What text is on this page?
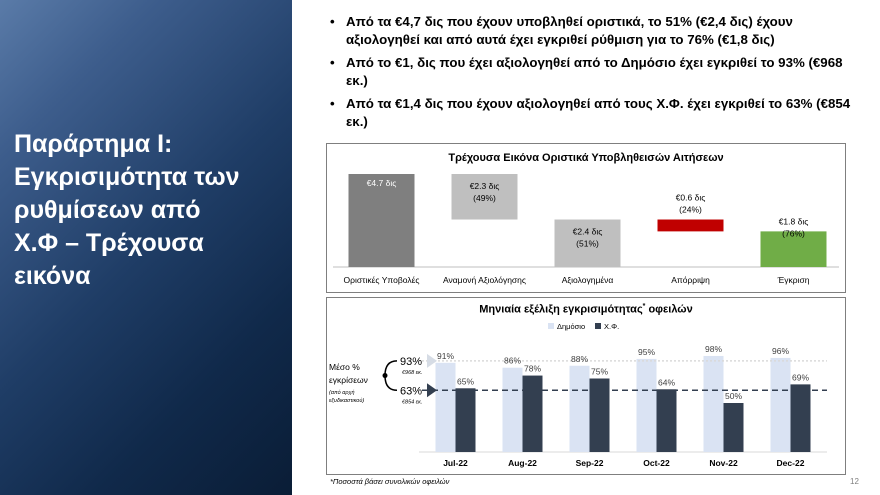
Παράρτημα Ι:
Εγκρισιμότητα των
ρυθμίσεων από
Χ.Φ – Τρέχουσα
εικόνα
• Από τα €4,7 δις που έχουν υποβληθεί οριστικά, το 51% (€2,4 δις) έχουν αξιολογηθεί και από αυτά έχει εγκριθεί ρύθμιση για το 76% (€1,8 δις)
• Από το €1, δις που έχει αξιολογηθεί από το Δημόσιο έχει εγκριθεί το 93% (€968 εκ.)
• Από τα €1,4 δις που έχουν αξιολογηθεί από τους Χ.Φ. έχει εγκριθεί το 63% (€854 εκ.)
Τρέχουσα Εικόνα Οριστικά Υποβληθεισών Αιτήσεων
Οριστικές Υποβολές
€4.7 δις
Αναμονή Αξιολόγησης
€2.3 δις
(49%)
Αξιολογημένα
€2.4 δις
(51%)
Απόρριψη
€0.6 δις
(24%)
Έγκριση
€1.8 δις
(76%)
Μηνιαία εξέλιξη εγκρισιμότητας* οφειλών
Δημόσιο	Χ.Φ.
Jul-22	Aug-22	Sep-22	Oct-22	Nov-22	Dec-22
93%
€968 εκ.
63%
€854 εκ.
91%
65%
86%
78%
88%
75%
95%
64%
98%
50%
96%
69%
Μέσο %
εγκρίσεων
(από αρχή
εξυδικαστικού)
*Ποσοστά βάσει συνολικών οφειλών	12
